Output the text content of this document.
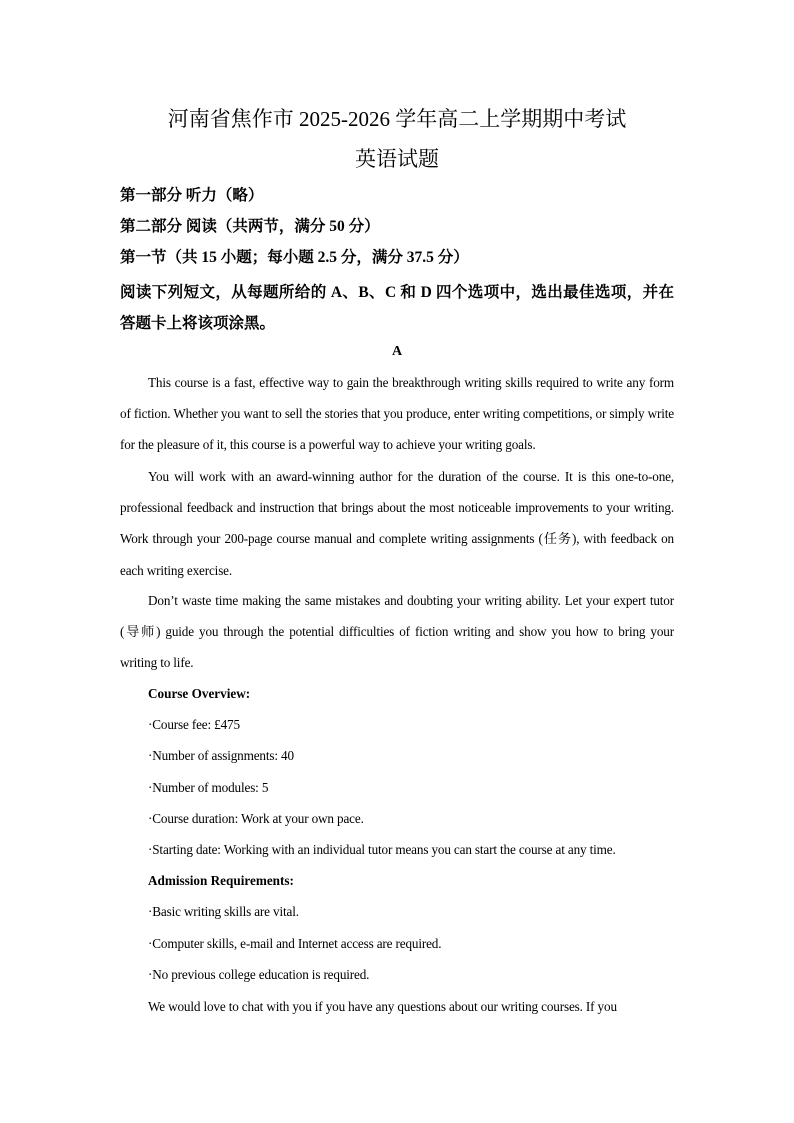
河南省焦作市 2025-2026 学年高二上学期期中考试
英语试题

第一部分 听力（略）

第二部分 阅读（共两节，满分 50 分）

第一节（共 15 小题；每小题 2.5 分，满分 37.5 分）

阅读下列短文，从每题所给的 A、B、C 和 D 四个选项中，选出最佳选项，并在答题卡上将该项涂黑。

A

This course is a fast, effective way to gain the breakthrough writing skills required to write any form of fiction. Whether you want to sell the stories that you produce, enter writing competitions, or simply write for the pleasure of it, this course is a powerful way to achieve your writing goals.

You will work with an award-winning author for the duration of the course. It is this one-to-one, professional feedback and instruction that brings about the most noticeable improvements to your writing. Work through your 200-page course manual and complete writing assignments (任务), with feedback on each writing exercise.

Don’t waste time making the same mistakes and doubting your writing ability. Let your expert tutor (导师) guide you through the potential difficulties of fiction writing and show you how to bring your writing to life.

Course Overview:

·Course fee: £475

·Number of assignments: 40

·Number of modules: 5

·Course duration: Work at your own pace.

·Starting date: Working with an individual tutor means you can start the course at any time.

Admission Requirements:

·Basic writing skills are vital.

·Computer skills, e-mail and Internet access are required.

·No previous college education is required.

We would love to chat with you if you have any questions about our writing courses. If you
